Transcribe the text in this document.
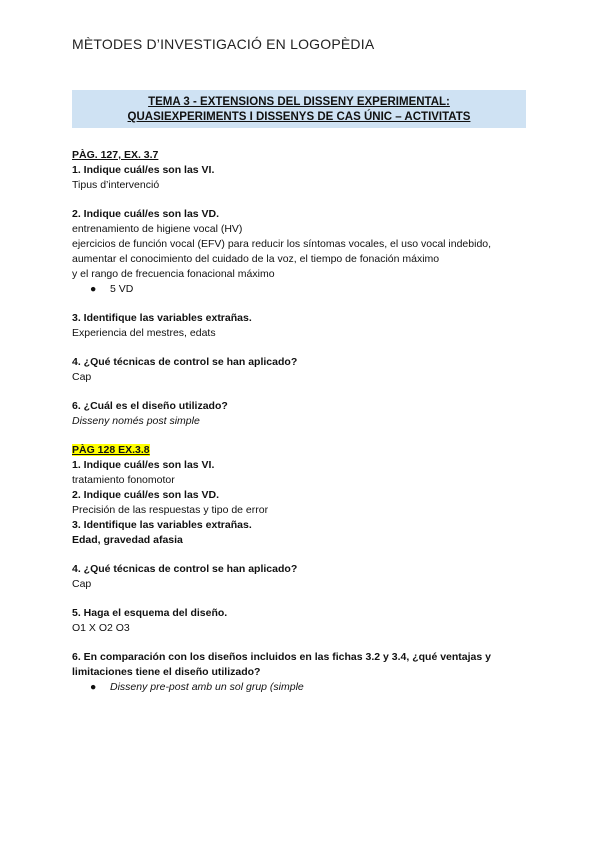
MÈTODES D’INVESTIGACIÓ EN LOGOPÈDIA
TEMA 3 - EXTENSIONS DEL DISSENY EXPERIMENTAL:
QUASIEXPERIMENTS I DISSENYS DE CAS ÚNIC – ACTIVITATS

PÀG. 127, EX. 3.7

1. Indique cuál/es son las VI.

Tipus d’intervenció

2. Indique cuál/es son las VD.

entrenamiento de higiene vocal (HV)

ejercicios de función vocal (EFV) para reducir los síntomas vocales, el uso vocal indebido,

aumentar el conocimiento del cuidado de la voz, el tiempo de fonación máximo

y el rango de frecuencia fonacional máximo

● 5 VD

3. Identifique las variables extrañas.

Experiencia del mestres, edats

4. ¿Qué técnicas de control se han aplicado?

Cap

6. ¿Cuál es el diseño utilizado?

Disseny només post simple

PÀG 128 EX.3.8

1. Indique cuál/es son las VI.

tratamiento fonomotor

2. Indique cuál/es son las VD.

Precisión de las respuestas y tipo de error

3. Identifique las variables extrañas.

Edad, gravedad afasia

4. ¿Qué técnicas de control se han aplicado?

Cap

5. Haga el esquema del diseño.

O1 X O2 O3

6. En comparación con los diseños incluidos en las fichas 3.2 y 3.4, ¿qué ventajas y

limitaciones tiene el diseño utilizado?

● Disseny pre-post amb un sol grup (simple
